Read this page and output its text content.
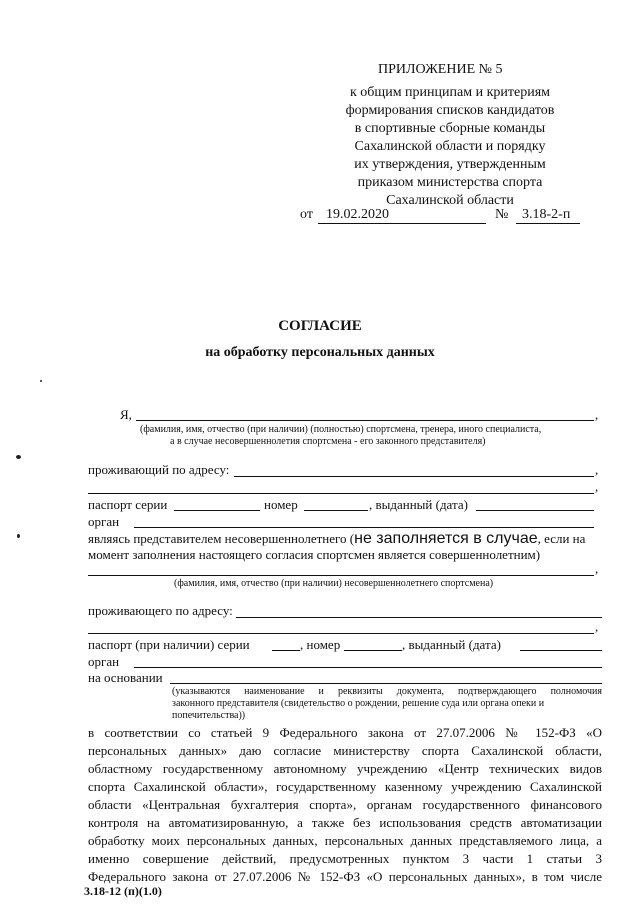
ПРИЛОЖЕНИЕ № 5
к общим принципам и критериям
формирования списков кандидатов
в спортивные сборные команды
Сахалинской области и порядку
их утверждения, утвержденным
приказом министерства спорта
Сахалинской области
от 19.02.2020	№ 3.18-2-п
СОГЛАСИЕ
на обработку персональных данных
Я,	,
(фамилия, имя, отчество (при наличии) (полностью) спортсмена, тренера, иного специалиста,
а в случае несовершеннолетия спортсмена - его законного представителя)
проживающий по адресу:	,
,
паспорт серии	номер	, выданный (дата)
орган
являясь представителем несовершеннолетнего (не заполняется в случае, если на
момент заполнения настоящего согласия спортсмен является совершеннолетним)
,
(фамилия, имя, отчество (при наличии) несовершеннолетнего спортсмена)
проживающего по адресу:
,
паспорт (при наличии) серии	, номер	, выданный (дата)
орган
на основании
(указываются наименование и реквизиты документа, подтверждающего полномочия
законного представителя (свидетельство о рождении, решение суда или органа опеки и
попечительства))
в соответствии со статьей 9 Федерального закона от 27.07.2006 № 152-ФЗ «О
персональных данных» даю согласие министерству спорта Сахалинской области,
областному государственному автономному учреждению «Центр технических видов
спорта Сахалинской области», государственному казенному учреждению Сахалинской
области «Центральная бухгалтерия спорта», органам государственного финансового
контроля на автоматизированную, а также без использования средств автоматизации
обработку моих персональных данных, персональных данных представляемого лица, а
именно совершение действий, предусмотренных пунктом 3 части 1 статьи 3
Федерального закона от 27.07.2006 № 152-ФЗ «О персональных данных», в том числе
3.18-12 (п)(1.0)
